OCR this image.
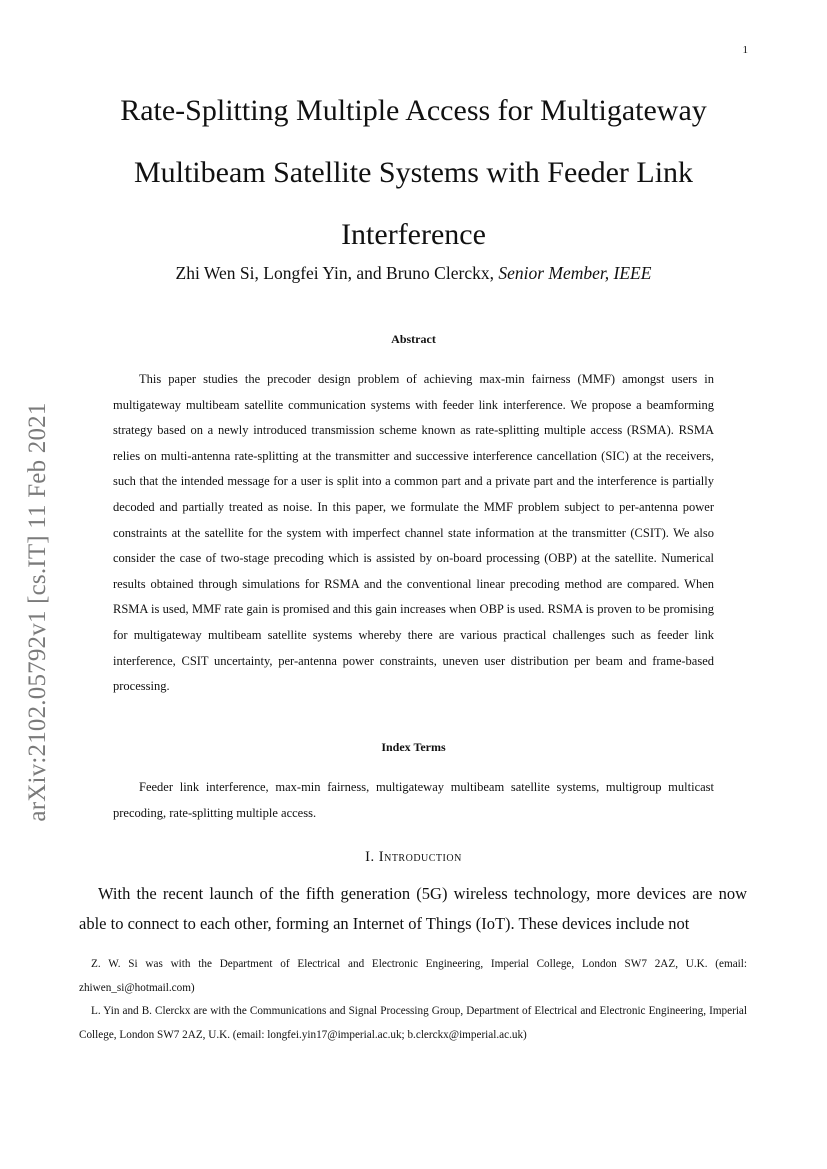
1
arXiv:2102.05792v1 [cs.IT] 11 Feb 2021
Rate-Splitting Multiple Access for Multigateway Multibeam Satellite Systems with Feeder Link Interference
Zhi Wen Si, Longfei Yin, and Bruno Clerckx, Senior Member, IEEE
Abstract

This paper studies the precoder design problem of achieving max-min fairness (MMF) amongst users in multigateway multibeam satellite communication systems with feeder link interference. We propose a beamforming strategy based on a newly introduced transmission scheme known as rate-splitting multiple access (RSMA). RSMA relies on multi-antenna rate-splitting at the transmitter and successive interference cancellation (SIC) at the receivers, such that the intended message for a user is split into a common part and a private part and the interference is partially decoded and partially treated as noise. In this paper, we formulate the MMF problem subject to per-antenna power constraints at the satellite for the system with imperfect channel state information at the transmitter (CSIT). We also consider the case of two-stage precoding which is assisted by on-board processing (OBP) at the satellite. Numerical results obtained through simulations for RSMA and the conventional linear precoding method are compared. When RSMA is used, MMF rate gain is promised and this gain increases when OBP is used. RSMA is proven to be promising for multigateway multibeam satellite systems whereby there are various practical challenges such as feeder link interference, CSIT uncertainty, per-antenna power constraints, uneven user distribution per beam and frame-based processing.

Index Terms

Feeder link interference, max-min fairness, multigateway multibeam satellite systems, multigroup multicast precoding, rate-splitting multiple access.

I. Introduction

With the recent launch of the fifth generation (5G) wireless technology, more devices are now able to connect to each other, forming an Internet of Things (IoT). These devices include not

Z. W. Si was with the Department of Electrical and Electronic Engineering, Imperial College, London SW7 2AZ, U.K. (email: zhiwen_si@hotmail.com)

L. Yin and B. Clerckx are with the Communications and Signal Processing Group, Department of Electrical and Electronic Engineering, Imperial College, London SW7 2AZ, U.K. (email: longfei.yin17@imperial.ac.uk; b.clerckx@imperial.ac.uk)
